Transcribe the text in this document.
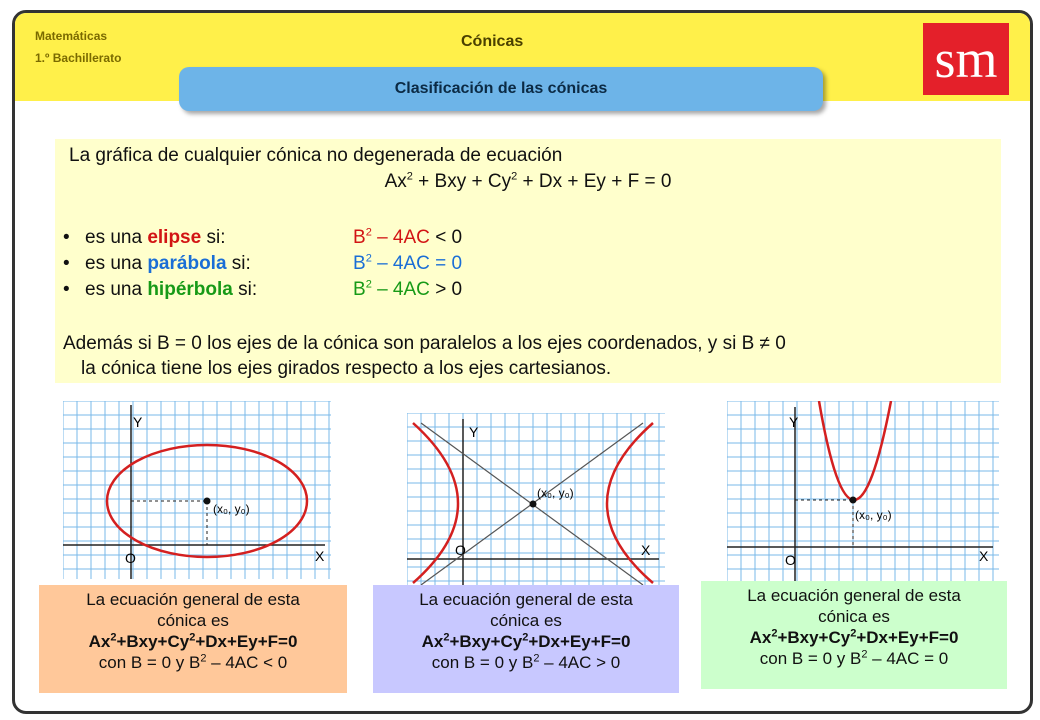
Matemáticas
1.º Bachillerato
Cónicas	sm
Clasificación de las cónicas
La gráfica de cualquier cónica no degenerada de ecuación
$Ax^2$ + Bxy + $Cy^2 + Dx + Ey + F = 0$
• es una elipse si:	$B^2 - 4AC < 0$
• es una parábola si:	$B^2 - 4AC = 0$
• es una hipérbola si:	$B^2 - 4AC > 0$
Además si B = 0 los ejes de la cónica son paralelos a los ejes coordenados, y si B ≠ 0
la cónica tiene los ejes girados respecto a los ejes cartesianos.
Y
X
O
(x₀, y₀)
Y
X
O
(x₀, y₀)
Y
X
O
(x₀, y₀)
La ecuación general de esta
cónica es
$Ax^2+Bxy+Cy^2+Dx+Ey+F=0$
con B = 0 y $B^2 - 4AC < 0$
La ecuación general de esta
cónica es
$Ax^2+Bxy+Cy^2+Dx+Ey+F=0$
con B = 0 y $B^2 - 4AC > 0$
La ecuación general de esta
cónica es
$Ax^2+Bxy+Cy^2+Dx+Ey+F=0$
con B = 0 y $B^2 - 4AC = 0$
